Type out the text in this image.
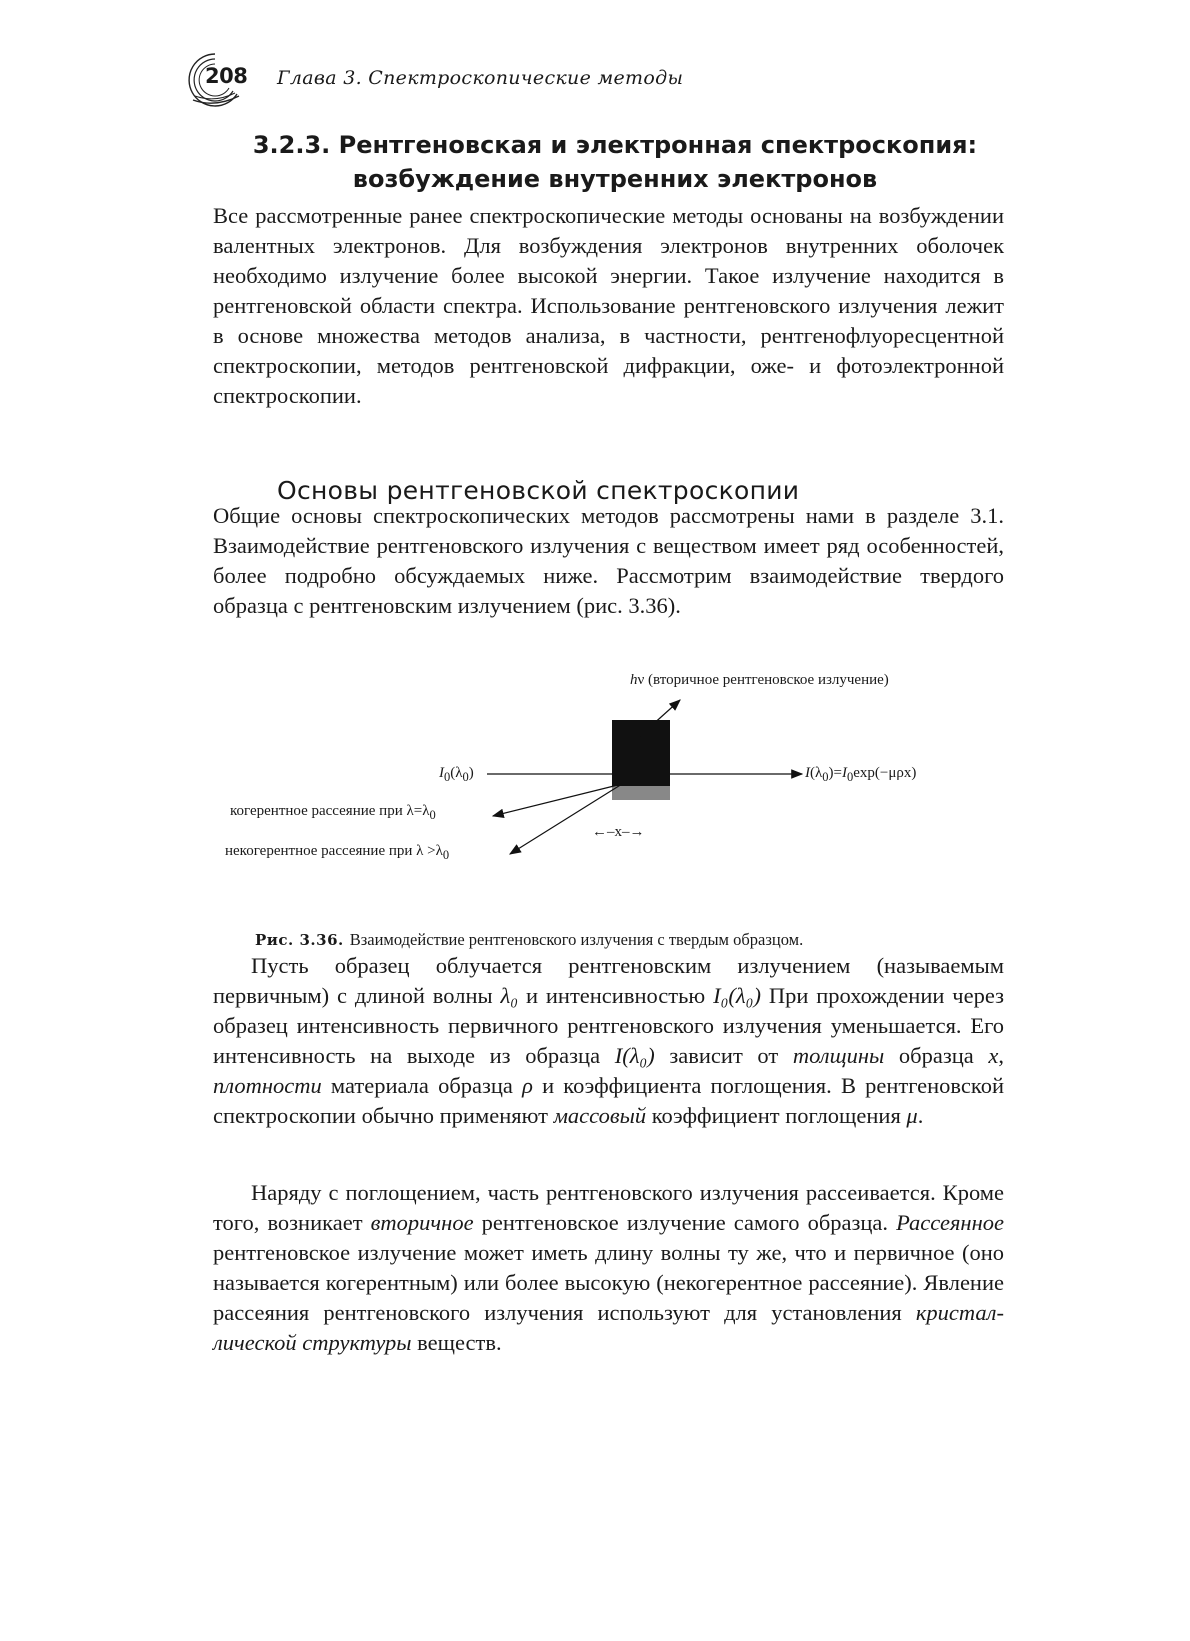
208 Глава 3. Спектроскопические методы
3.2.3. Рентгеновская и электронная спектроскопия:
возбуждение внутренних электронов

Все рассмотренные ранее спектроскопические методы основаны на возбуждении валентных электронов. Для возбуждения электронов внутренних оболочек необходимо излучение более высокой энергии. Такое излучение находится в рентгеновской области спектра. Использование рентгеновского излучения лежит в основе множества методов анализа, в частности, рентгенофлуоресцентной спектроскопии, методов рентгеновской дифракции, оже- и фотоэлектронной спектроскопии.

Основы рентгеновской спектроскопии

Общие основы спектроскопических методов рассмотрены нами в разделе 3.1. Взаимодействие рентгеновского излучения с веществом имеет ряд особенностей, более подробно обсуждаемых ниже. Рассмотрим взаимодействие твердого образца с рентгеновским излучением (рис. 3.36).

hν (вторичное рентгеновское излучение)
$I_0(\lambda_0)$	$I(\lambda_0)=I_0\exp(-\mu\rho x)$
когерентное рассеяние при $\lambda=\lambda_0$
некогерентное рассеяние при $\lambda >\lambda_0$
←–x–→
Рис. 3.36. Взаимодействие рентгеновского излучения с твердым образцом.

Пусть образец облучается рентгеновским излучением (называемым первичным) с длиной волны λ₀ и интенсивностью I₀(λ₀) При прохождении через образец интенсивность первичного рентгеновского излучения уменьшается. Его интенсивность на выходе из образца I(λ₀) зависит от толщины образца x, плотности материала образца ρ и коэффициента поглощения. В рентгеновской спектроскопии обычно применяют массовый коэффициент поглощения μ.

Наряду с поглощением, часть рентгеновского излучения рассеивается. Кроме того, возникает вторичное рентгеновское излучение самого образца. Рассеянное рентгеновское излучение может иметь длину волны ту же, что и первичное (оно называется когерентным) или более высокую (некогерентное рассеяние). Явление рассеяния рентгеновского излучения используют для установления кристаллической структуры веществ.
